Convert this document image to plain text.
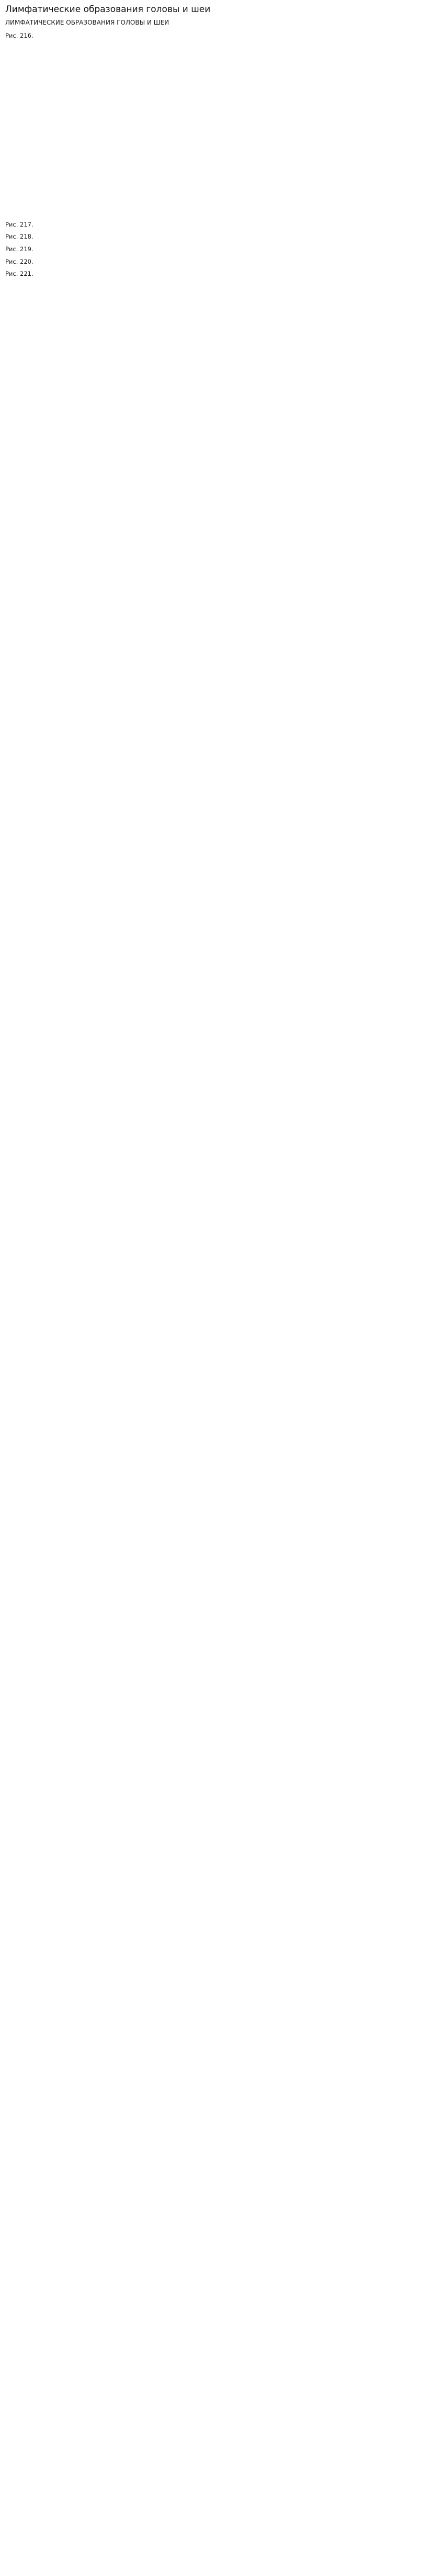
Лимфатические образования головы и шеи
ЛИМФАТИЧЕСКИЕ ОБРАЗОВАНИЯ ГОЛОВЫ И ШЕИ
Рис. 216.
Рис. 217.
Рис. 218.
Рис. 219.
Рис. 220.
Рис. 221.
